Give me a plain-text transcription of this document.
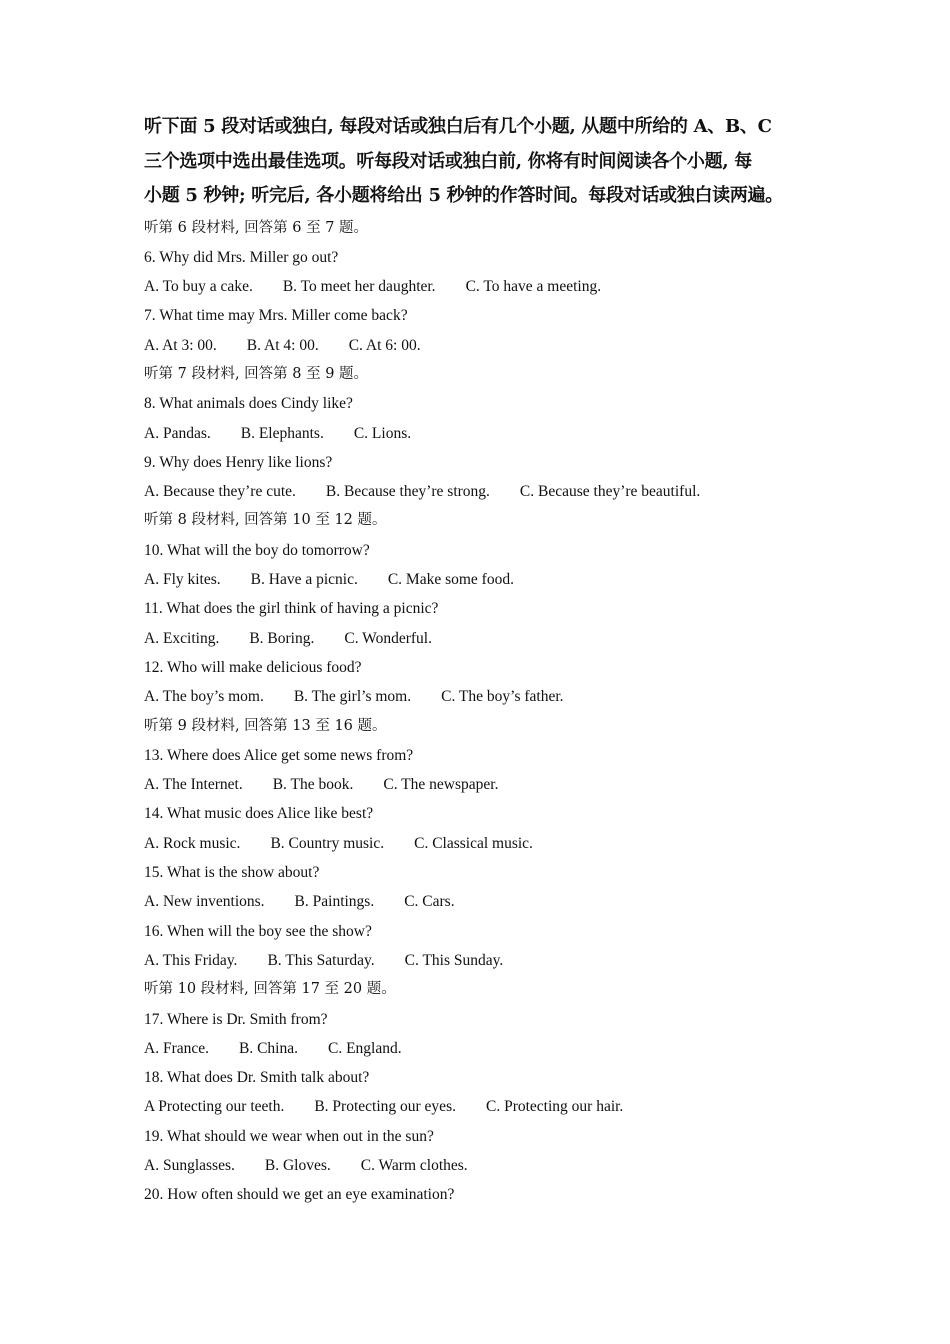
听下面 5 段对话或独白, 每段对话或独白后有几个小题, 从题中所给的 A、B、C
三个选项中选出最佳选项。听每段对话或独白前, 你将有时间阅读各个小题, 每
小题 5 秒钟; 听完后, 各小题将给出 5 秒钟的作答时间。每段对话或独白读两遍。
听第 6 段材料, 回答第 6 至 7 题。
6. Why did Mrs. Miller go out?
A. To buy a cake. B. To meet her daughter. C. To have a meeting.
7. What time may Mrs. Miller come back?
A. At 3: 00. B. At 4: 00. C. At 6: 00.
听第 7 段材料, 回答第 8 至 9 题。
8. What animals does Cindy like?
A. Pandas. B. Elephants. C. Lions.
9. Why does Henry like lions?
A. Because they’re cute. B. Because they’re strong. C. Because they’re beautiful.
听第 8 段材料, 回答第 10 至 12 题。
10. What will the boy do tomorrow?
A. Fly kites. B. Have a picnic. C. Make some food.
11. What does the girl think of having a picnic?
A. Exciting. B. Boring. C. Wonderful.
12. Who will make delicious food?
A. The boy’s mom. B. The girl’s mom. C. The boy’s father.
听第 9 段材料, 回答第 13 至 16 题。
13. Where does Alice get some news from?
A. The Internet. B. The book. C. The newspaper.
14. What music does Alice like best?
A. Rock music. B. Country music. C. Classical music.
15. What is the show about?
A. New inventions. B. Paintings. C. Cars.
16. When will the boy see the show?
A. This Friday. B. This Saturday. C. This Sunday.
听第 10 段材料, 回答第 17 至 20 题。
17. Where is Dr. Smith from?
A. France. B. China. C. England.
18. What does Dr. Smith talk about?
A Protecting our teeth. B. Protecting our eyes. C. Protecting our hair.
19. What should we wear when out in the sun?
A. Sunglasses. B. Gloves. C. Warm clothes.
20. How often should we get an eye examination?
